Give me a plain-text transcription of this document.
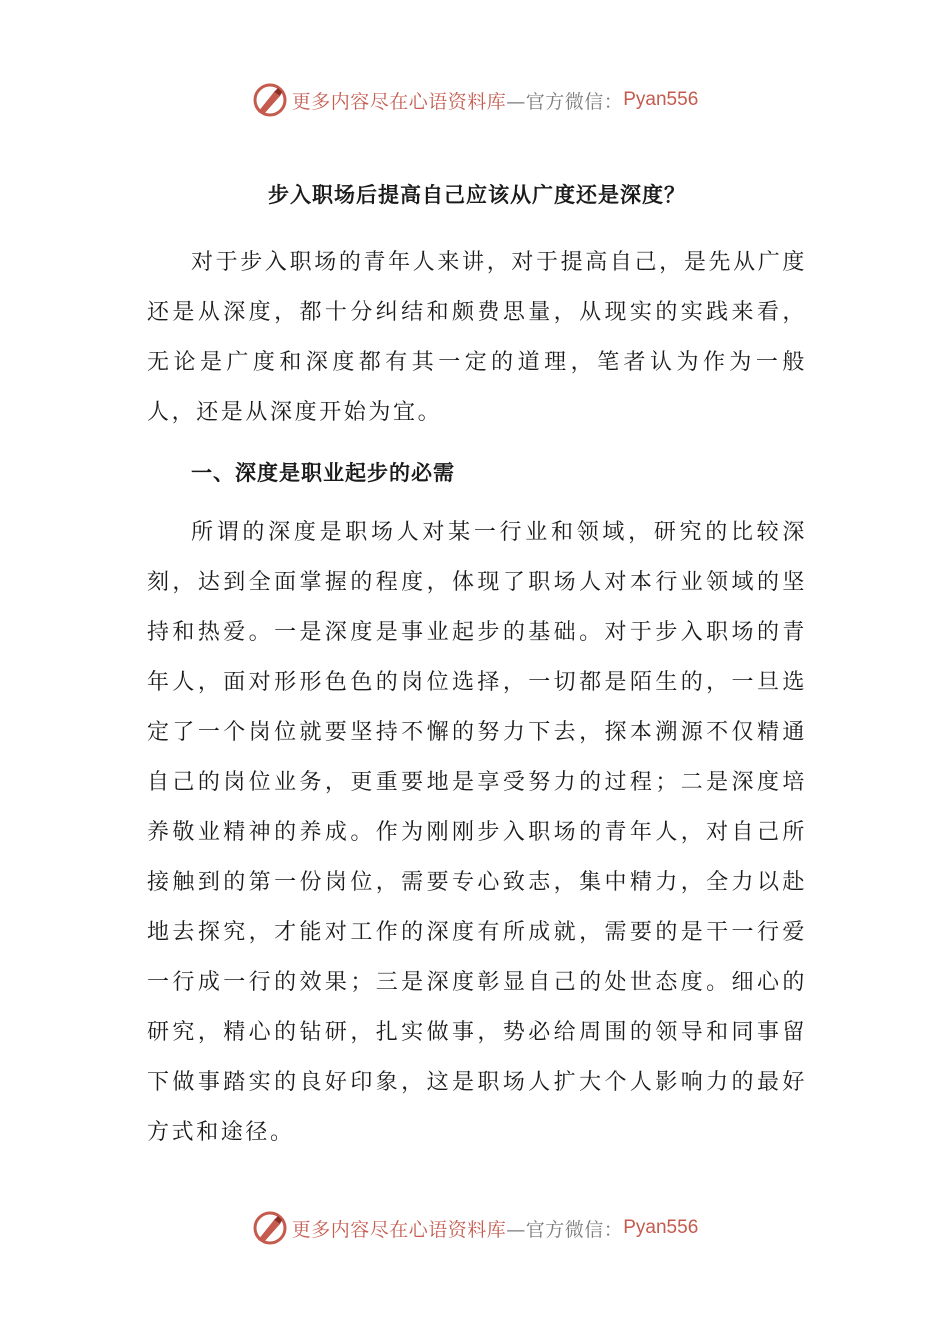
更多内容尽在心语资料库 —官方微信： Pyan556
步入职场后提高自己应该从广度还是深度？

对于步入职场的青年人来讲，对于提高自己，是先从广度还是从深度，都十分纠结和颇费思量，从现实的实践来看，无论是广度和深度都有其一定的道理，笔者认为作为一般人，还是从深度开始为宜。

一、深度是职业起步的必需

所谓的深度是职场人对某一行业和领域，研究的比较深刻，达到全面掌握的程度，体现了职场人对本行业领域的坚持和热爱。一是深度是事业起步的基础。对于步入职场的青年人，面对形形色色的岗位选择，一切都是陌生的，一旦选定了一个岗位就要坚持不懈的努力下去，探本溯源不仅精通自己的岗位业务，更重要地是享受努力的过程；二是深度培养敬业精神的养成。作为刚刚步入职场的青年人，对自己所接触到的第一份岗位，需要专心致志，集中精力，全力以赴地去探究，才能对工作的深度有所成就，需要的是干一行爱一行成一行的效果；三是深度彰显自己的处世态度。细心的研究，精心的钻研，扎实做事，势必给周围的领导和同事留下做事踏实的良好印象，这是职场人扩大个人影响力的最好方式和途径。

更多内容尽在心语资料库 —官方微信： Pyan556
